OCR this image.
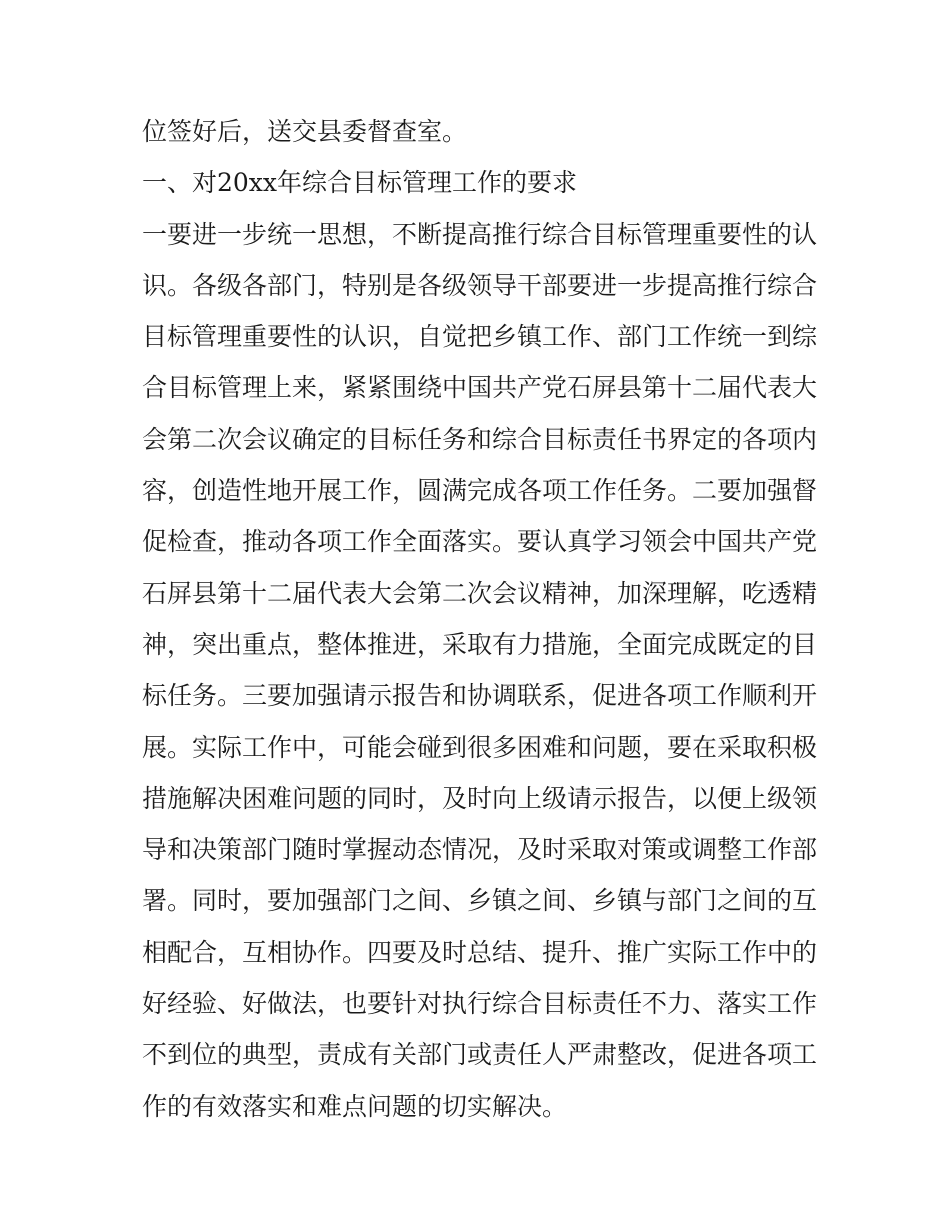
位签好后，送交县委督查室。
一、对20xx年综合目标管理工作的要求
一要进一步统一思想，不断提高推行综合目标管理重要性的认
识。各级各部门，特别是各级领导干部要进一步提高推行综合
目标管理重要性的认识，自觉把乡镇工作、部门工作统一到综
合目标管理上来，紧紧围绕中国共产党石屏县第十二届代表大
会第二次会议确定的目标任务和综合目标责任书界定的各项内
容，创造性地开展工作，圆满完成各项工作任务。二要加强督
促检查，推动各项工作全面落实。要认真学习领会中国共产党
石屏县第十二届代表大会第二次会议精神，加深理解，吃透精
神，突出重点，整体推进，采取有力措施，全面完成既定的目
标任务。三要加强请示报告和协调联系，促进各项工作顺利开
展。实际工作中，可能会碰到很多困难和问题，要在采取积极
措施解决困难问题的同时，及时向上级请示报告，以便上级领
导和决策部门随时掌握动态情况，及时采取对策或调整工作部
署。同时，要加强部门之间、乡镇之间、乡镇与部门之间的互
相配合，互相协作。四要及时总结、提升、推广实际工作中的
好经验、好做法，也要针对执行综合目标责任不力、落实工作
不到位的典型，责成有关部门或责任人严肃整改，促进各项工
作的有效落实和难点问题的切实解决。
